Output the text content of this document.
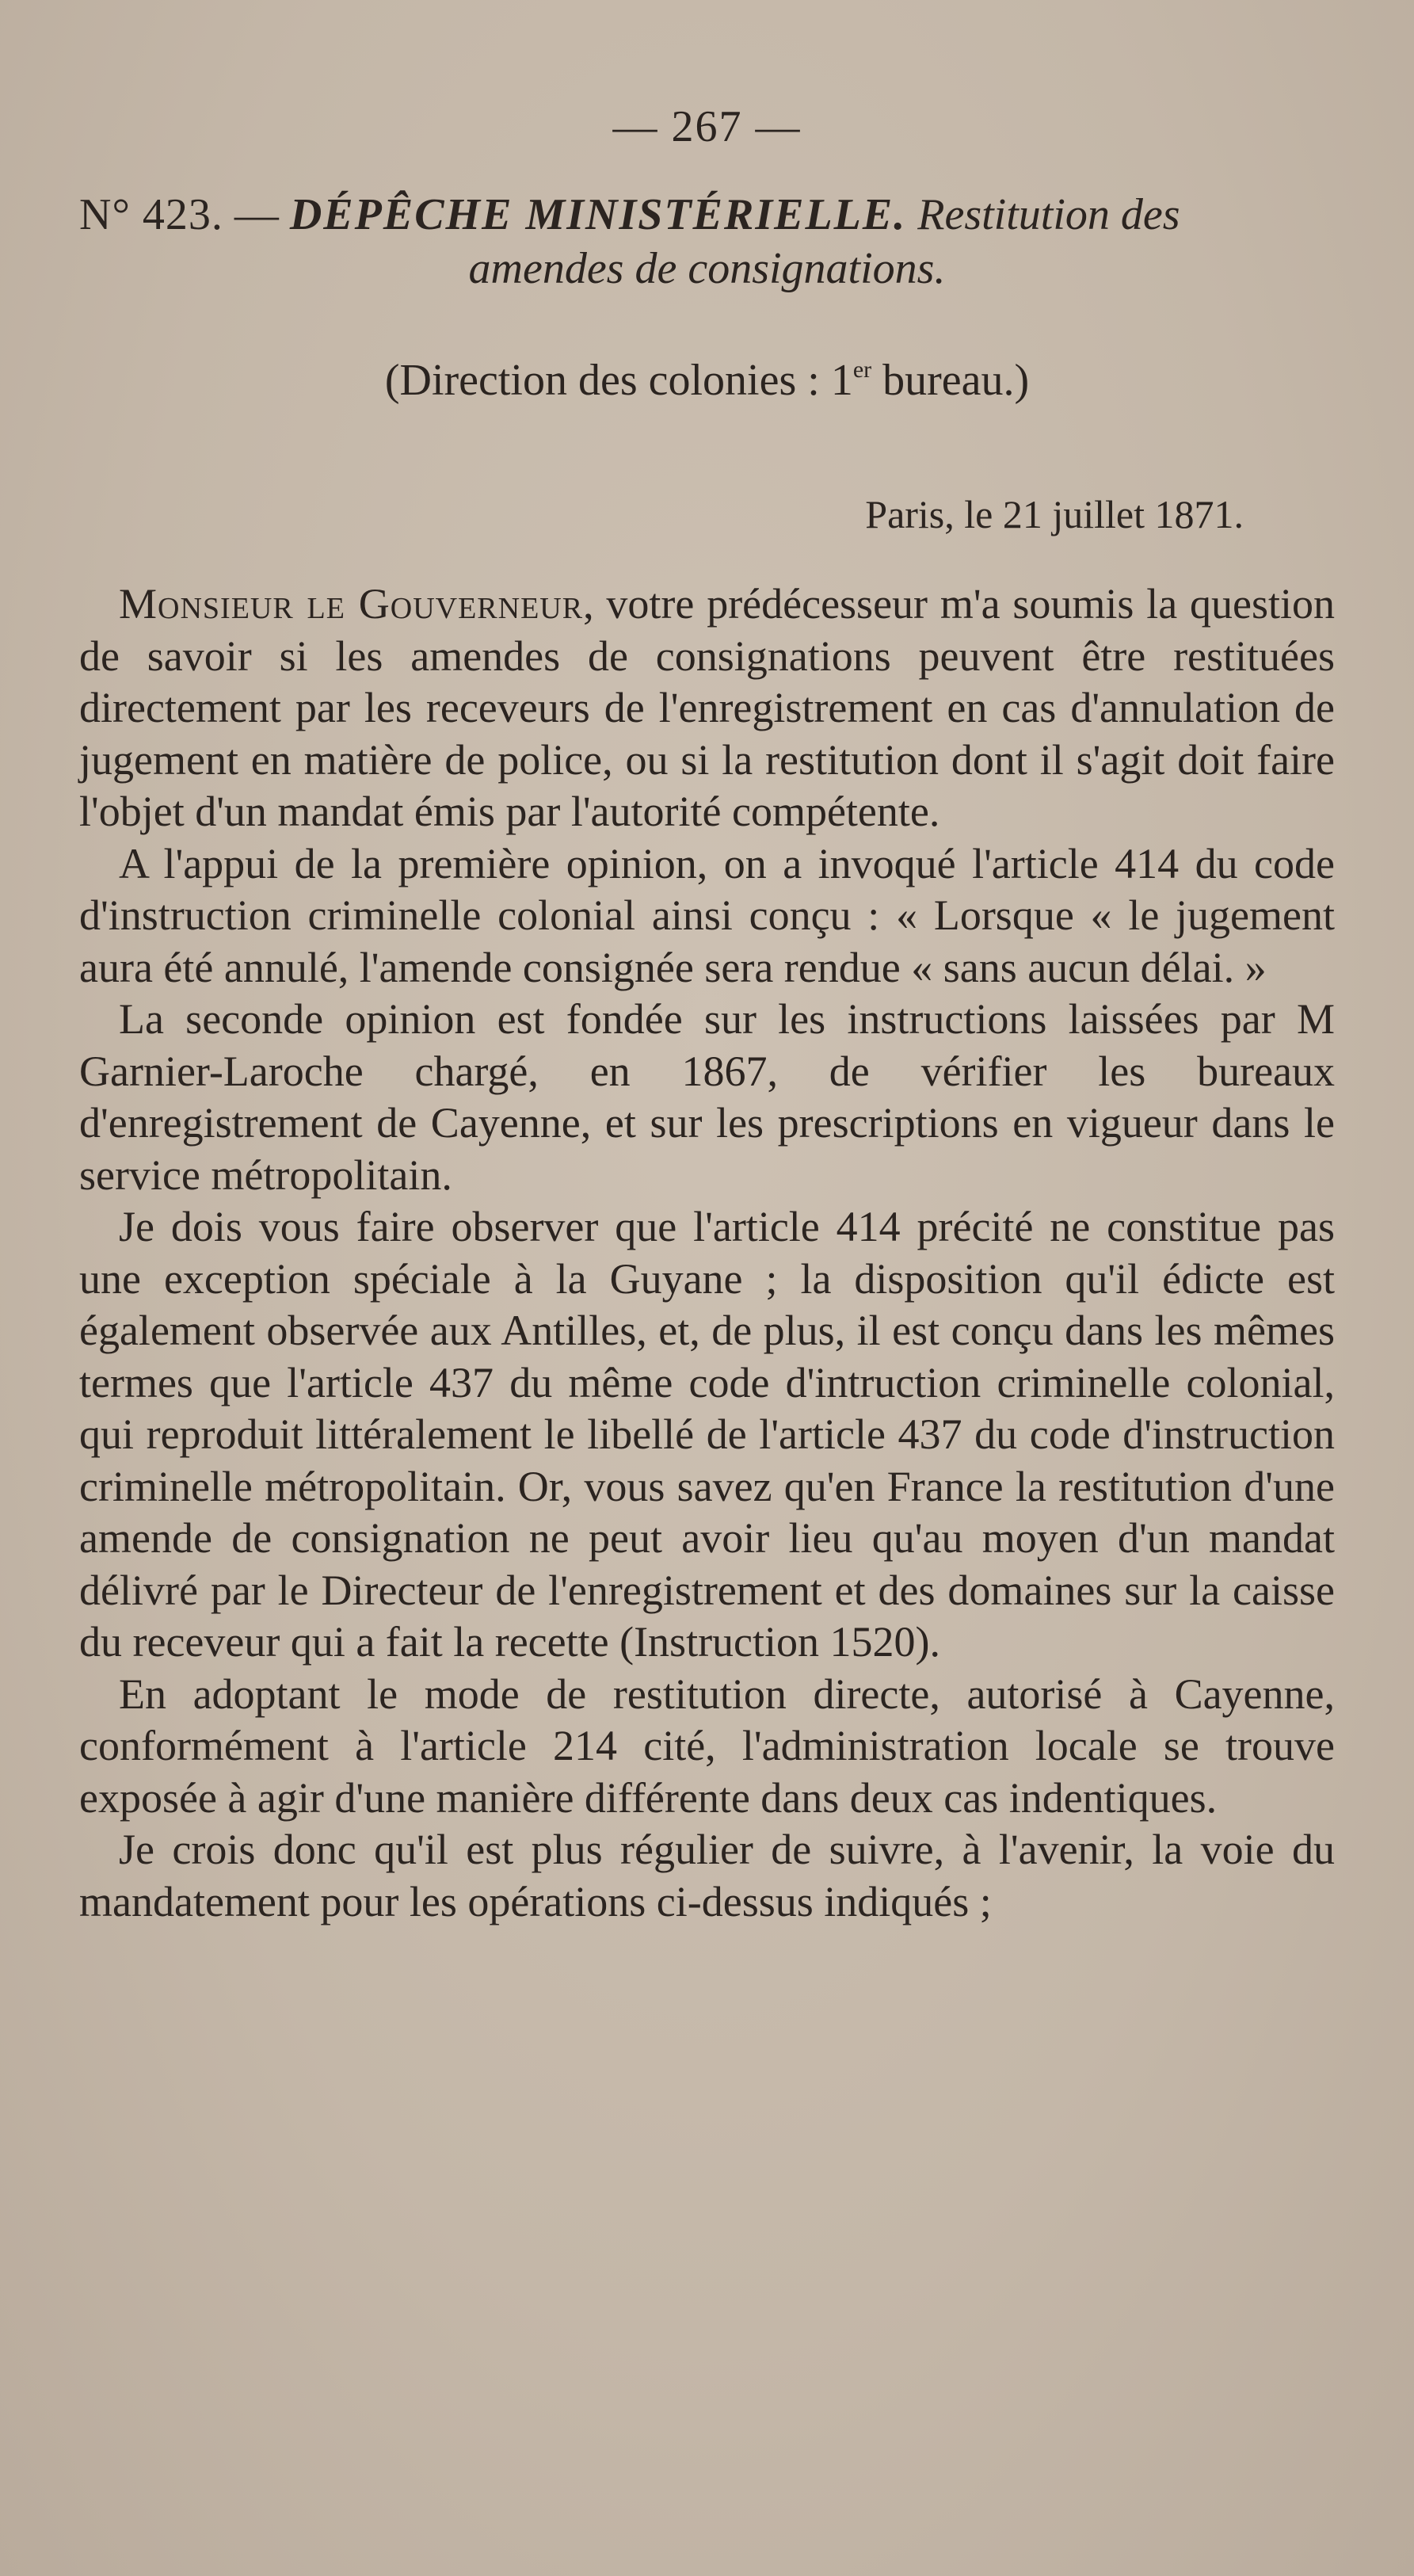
— 267 —
N° 423. — DÉPÊCHE MINISTÉRIELLE. Restitution des
amendes de consignations.
(Direction des colonies : 1er bureau.)
Paris, le 21 juillet 1871.

Monsieur le Gouverneur, votre prédécesseur m'a soumis la question de savoir si les amendes de consignations peuvent être restituées directement par les receveurs de l'enregistrement en cas d'annulation de jugement en matière de police, ou si la restitution dont il s'agit doit faire l'objet d'un mandat émis par l'autorité compétente.

A l'appui de la première opinion, on a invoqué l'article 414 du code d'instruction criminelle colonial ainsi conçu : « Lorsque « le jugement aura été annulé, l'amende consignée sera rendue « sans aucun délai. »

La seconde opinion est fondée sur les instructions laissées par M Garnier-Laroche chargé, en 1867, de vérifier les bureaux d'enregistrement de Cayenne, et sur les prescriptions en vigueur dans le service métropolitain.

Je dois vous faire observer que l'article 414 précité ne constitue pas une exception spéciale à la Guyane ; la disposition qu'il édicte est également observée aux Antilles, et, de plus, il est conçu dans les mêmes termes que l'article 437 du même code d'intruction criminelle colonial, qui reproduit littéralement le libellé de l'article 437 du code d'instruction criminelle métropolitain. Or, vous savez qu'en France la restitution d'une amende de consignation ne peut avoir lieu qu'au moyen d'un mandat délivré par le Directeur de l'enregistrement et des domaines sur la caisse du receveur qui a fait la recette (Instruction 1520).

En adoptant le mode de restitution directe, autorisé à Cayenne, conformément à l'article 214 cité, l'administration locale se trouve exposée à agir d'une manière différente dans deux cas indentiques.

Je crois donc qu'il est plus régulier de suivre, à l'avenir, la voie du mandatement pour les opérations ci-dessus indiqués ;
